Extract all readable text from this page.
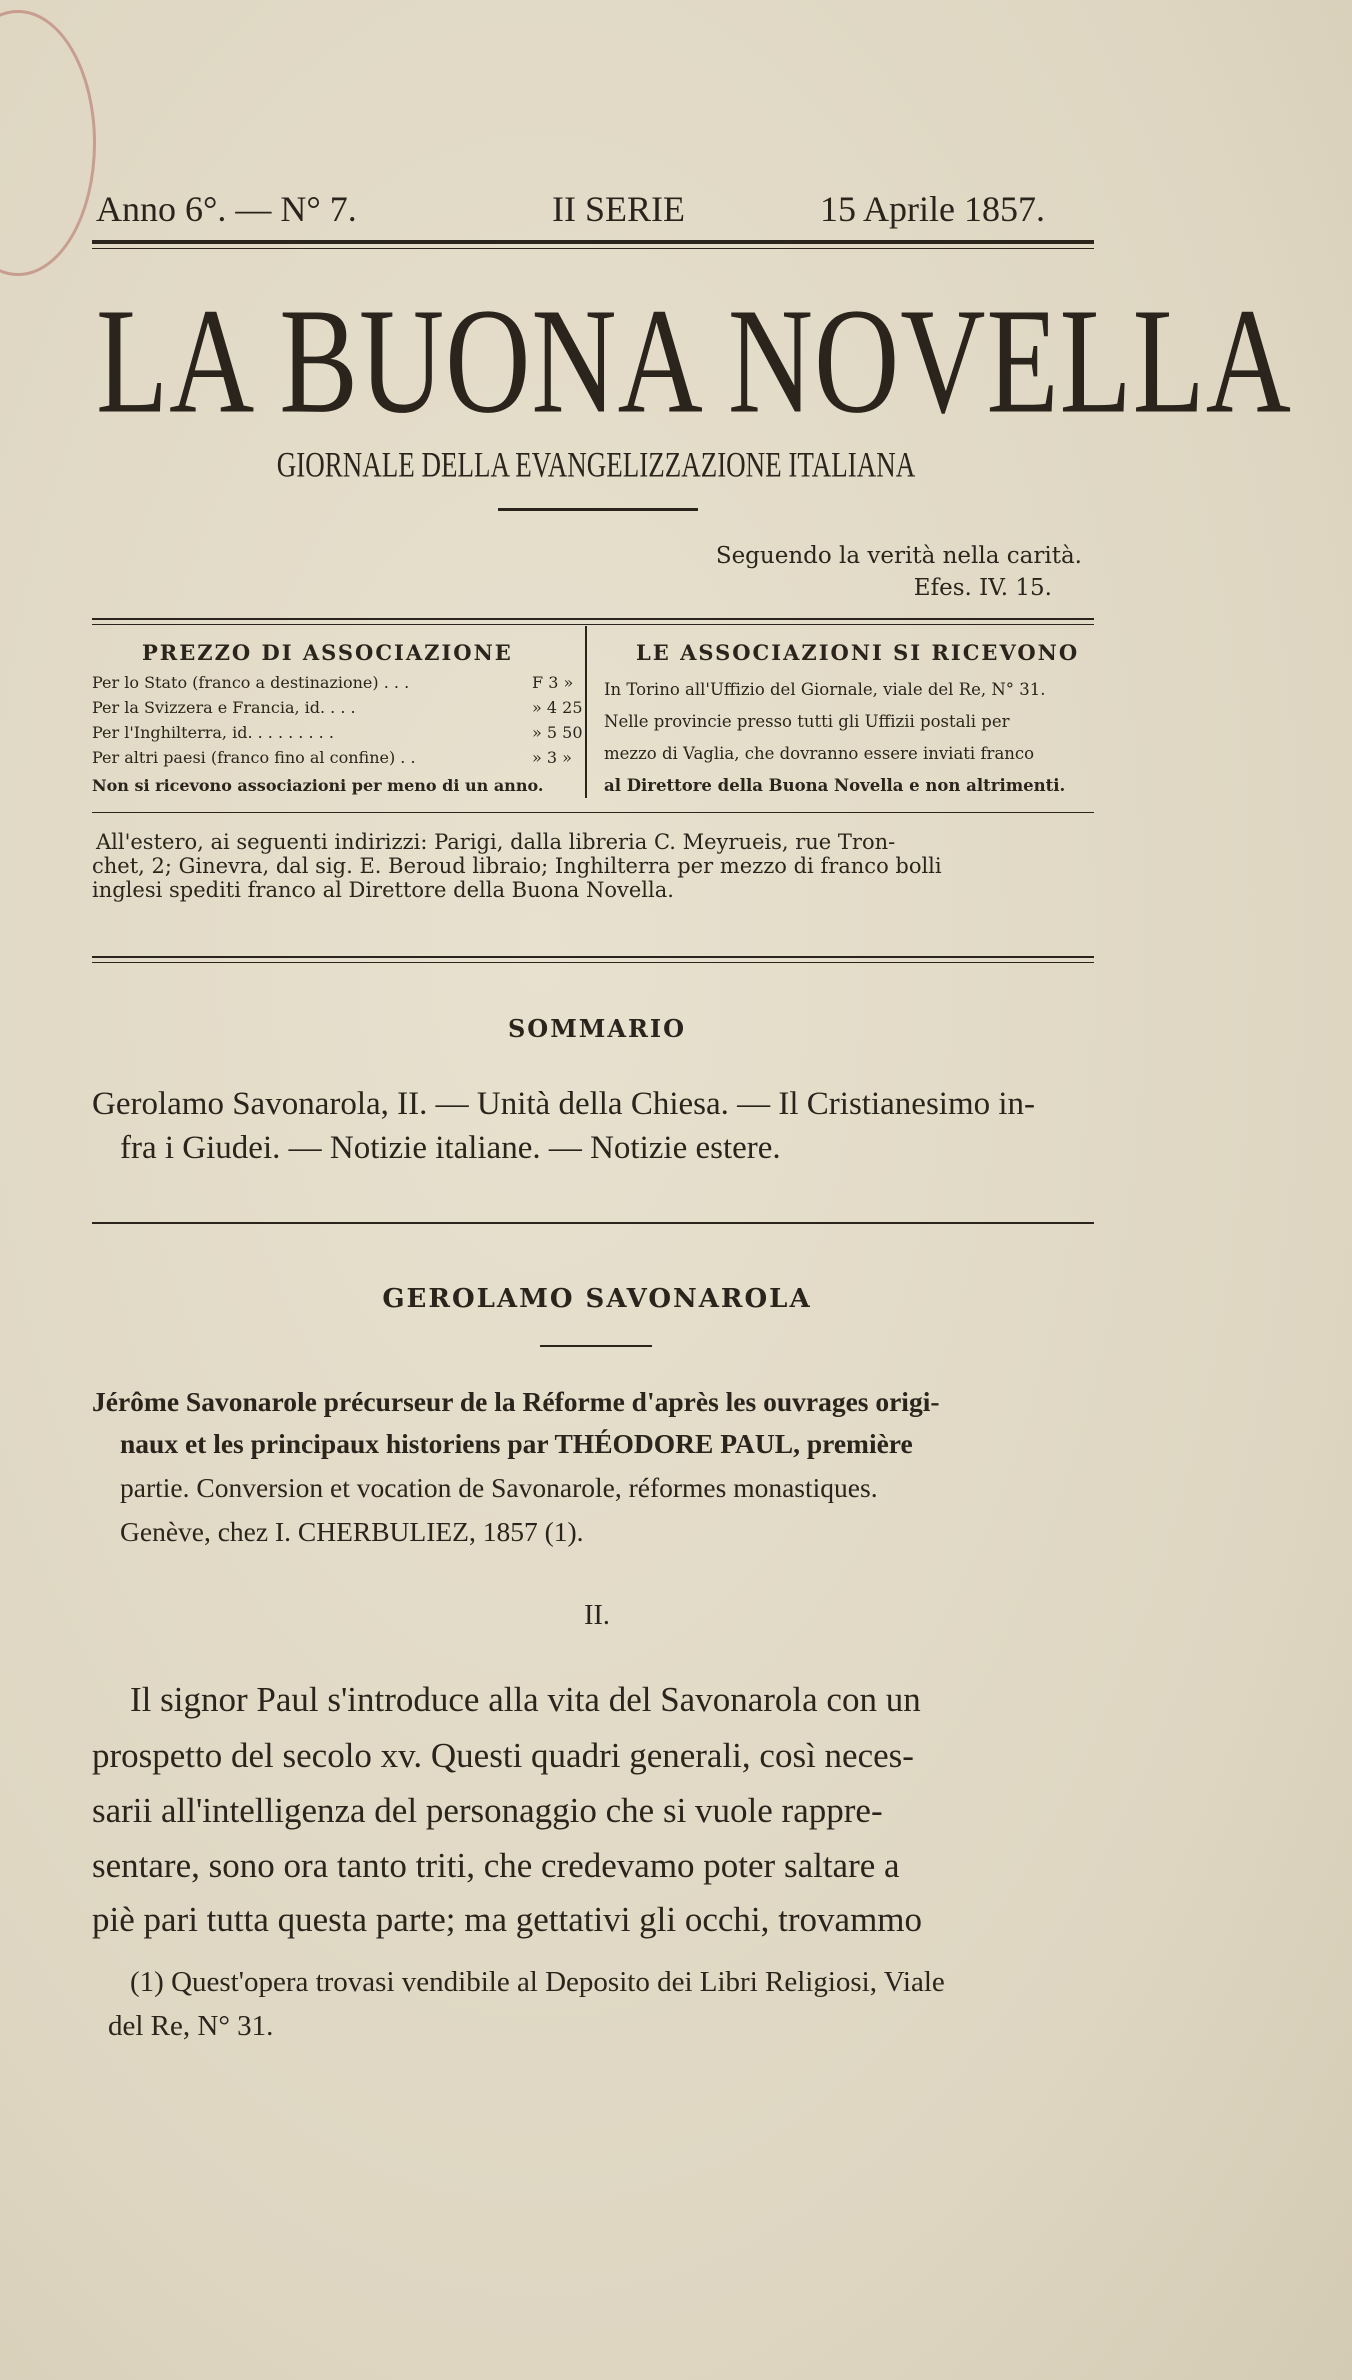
Anno 6°. — N° 7.	II SERIE	15 Aprile 1857.
LA BUONA NOVELLA
GIORNALE DELLA EVANGELIZZAZIONE ITALIANA
Seguendo la verità nella carità.
Efes. IV. 15.
PREZZO DI ASSOCIAZIONE
Per lo Stato (franco a destinazione) . . .	F 3 »
Per la Svizzera e Francia, id. . . .	» 4 25
Per l'Inghilterra, id. . . . . . . . .	» 5 50
Per altri paesi (franco fino al confine) . .	» 3 »
Non si ricevono associazioni per meno di un anno.
LE ASSOCIAZIONI SI RICEVONO
In Torino all'Uffizio del Giornale, viale del Re, N° 31.
Nelle provincie presso tutti gli Uffizii postali per
mezzo di Vaglia, che dovranno essere inviati franco
al Direttore della Buona Novella e non altrimenti.

All'estero, ai seguenti indirizzi: Parigi, dalla libreria C. Meyrueis, rue Tron-

chet, 2; Ginevra, dal sig. E. Beroud libraio; Inghilterra per mezzo di franco bolli

inglesi spediti franco al Direttore della Buona Novella.

SOMMARIO
Gerolamo Savonarola, II. — Unità della Chiesa. — Il Cristianesimo in-
fra i Giudei. — Notizie italiane. — Notizie estere.
GEROLAMO SAVONAROLA
Jérôme Savonarole précurseur de la Réforme d'après les ouvrages origi-
naux et les principaux historiens par THÉODORE PAUL, première
partie. Conversion et vocation de Savonarole, réformes monastiques.
Genève, chez I. CHERBULIEZ, 1857 (1).
II.
Il signor Paul s'introduce alla vita del Savonarola con un
prospetto del secolo xv. Questi quadri generali, così neces-
sarii all'intelligenza del personaggio che si vuole rappre-
sentare, sono ora tanto triti, che credevamo poter saltare a
piè pari tutta questa parte; ma gettativi gli occhi, trovammo
(1) Quest'opera trovasi vendibile al Deposito dei Libri Religiosi, Viale
del Re, N° 31.
